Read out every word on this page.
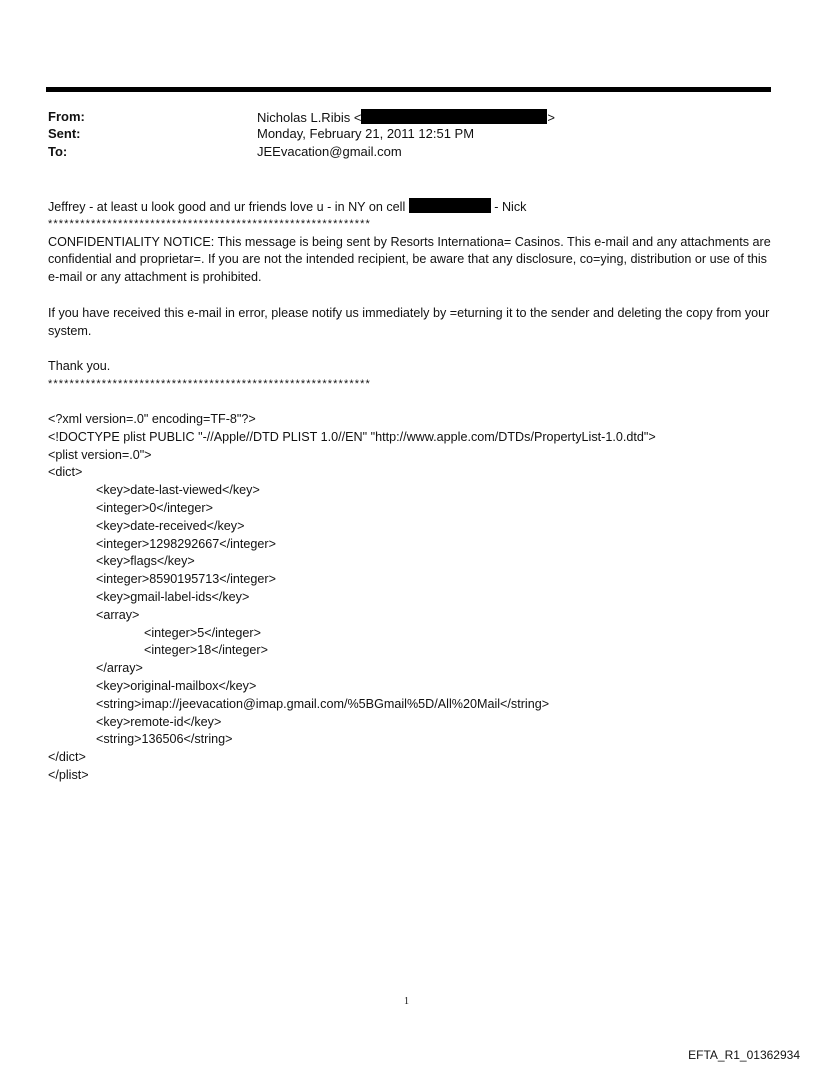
From:	Nicholas L.Ribis <	>
Sent:	Monday, February 21, 2011 12:51 PM
To:	JEEvacation@gmail.com
Jeffrey - at least u look good and ur friends love u - in NY on cell	- Nick
************************************************************
CONFIDENTIALITY NOTICE: This message is being sent by Resorts Internationa= Casinos. This e-mail and any attachments are confidential and proprietar=. If you are not the intended recipient, be aware that any disclosure, co=ying, distribution or use of this e-mail or any attachment is prohibited.
If you have received this e-mail in error, please notify us immediately by =eturning it to the sender and deleting the copy from your system.
Thank you.
************************************************************
<?xml version=.0" encoding=TF-8"?>
<!DOCTYPE plist PUBLIC "-//Apple//DTD PLIST 1.0//EN" "http://www.apple.com/DTDs/PropertyList-1.0.dtd">
<plist version=.0">
<dict>
<key>date-last-viewed</key>
<integer>0</integer>
<key>date-received</key>
<integer>1298292667</integer>
<key>flags</key>
<integer>8590195713</integer>
<key>gmail-label-ids</key>
<array>
<integer>5</integer>
<integer>18</integer>
</array>
<key>original-mailbox</key>
<string>imap://jeevacation@imap.gmail.com/%5BGmail%5D/All%20Mail</string>
<key>remote-id</key>
<string>136506</string>
</dict>
</plist>
1
EFTA_R1_01362934
